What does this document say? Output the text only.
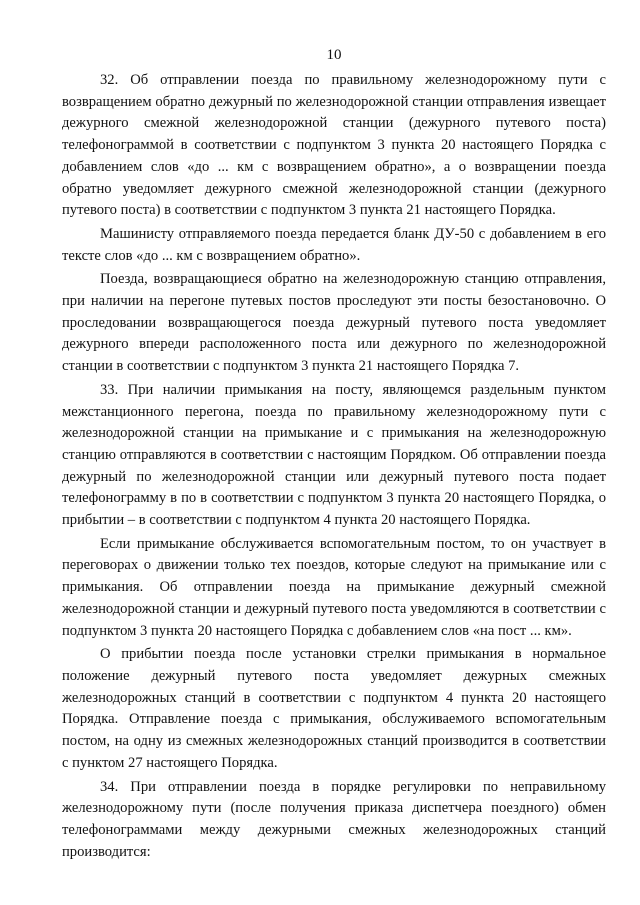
10

32. Об отправлении поезда по правильному железнодорожному пути с возвращением обратно дежурный по железнодорожной станции отправления извещает дежурного смежной железнодорожной станции (дежурного путевого поста) телефонограммой в соответствии с подпунктом 3 пункта 20 настоящего Порядка с добавлением слов «до ... км с возвращением обратно», а о возвращении поезда обратно уведомляет дежурного смежной железнодорожной станции (дежурного путевого поста) в соответствии с подпунктом 3 пункта 21 настоящего Порядка.

Машинисту отправляемого поезда передается бланк ДУ-50 с добавлением в его тексте слов «до ... км с возвращением обратно».

Поезда, возвращающиеся обратно на железнодорожную станцию отправления, при наличии на перегоне путевых постов проследуют эти посты безостановочно. О проследовании возвращающегося поезда дежурный путевого поста уведомляет дежурного впереди расположенного поста или дежурного по железнодорожной станции в соответствии с подпунктом 3 пункта 21 настоящего Порядка 7.

33. При наличии примыкания на посту, являющемся раздельным пунктом межстанционного перегона, поезда по правильному железнодорожному пути с железнодорожной станции на примыкание и с примыкания на железнодорожную станцию отправляются в соответствии с настоящим Порядком. Об отправлении поезда дежурный по железнодорожной станции или дежурный путевого поста подает телефонограмму в по в соответствии с подпунктом 3 пункта 20 настоящего Порядка, о прибытии – в соответствии с подпунктом 4 пункта 20 настоящего Порядка.

Если примыкание обслуживается вспомогательным постом, то он участвует в переговорах о движении только тех поездов, которые следуют на примыкание или с примыкания. Об отправлении поезда на примыкание дежурный смежной железнодорожной станции и дежурный путевого поста уведомляются в соответствии с подпунктом 3 пункта 20 настоящего Порядка с добавлением слов «на пост ... км».

О прибытии поезда после установки стрелки примыкания в нормальное положение дежурный путевого поста уведомляет дежурных смежных железнодорожных станций в соответствии с подпунктом 4 пункта 20 настоящего Порядка. Отправление поезда с примыкания, обслуживаемого вспомогательным постом, на одну из смежных железнодорожных станций производится в соответствии с пунктом 27 настоящего Порядка.

34. При отправлении поезда в порядке регулировки по неправильному железнодорожному пути (после получения приказа диспетчера поездного) обмен телефонограммами между дежурными смежных железнодорожных станций производится:
